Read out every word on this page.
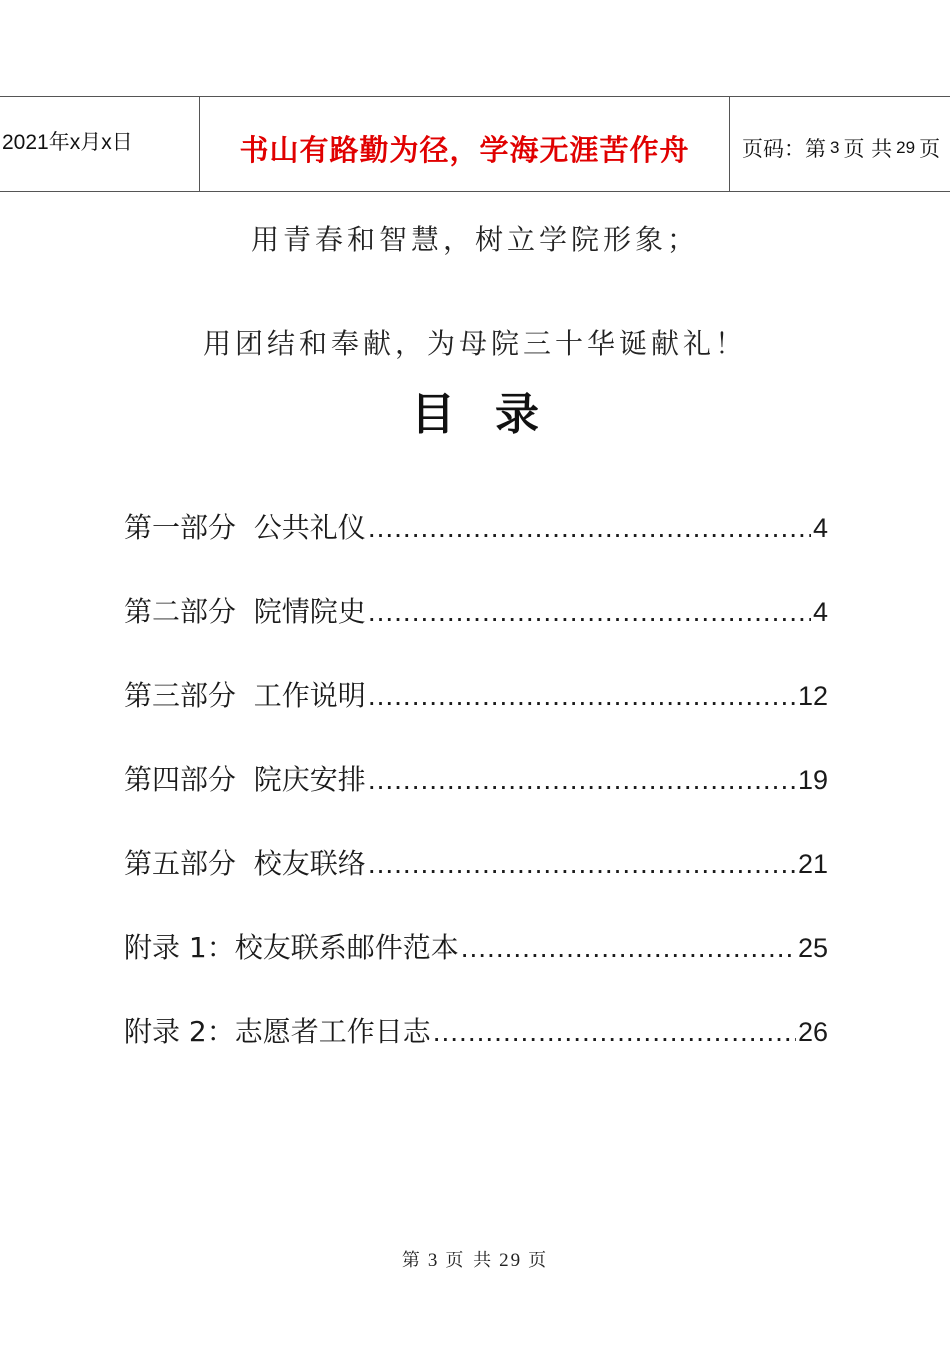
2021年x月x日	书山有路勤为径，学海无涯苦作舟	页码：第 3 页 共 29 页
用青春和智慧，树立学院形象；
用团结和奉献，为母院三十华诞献礼！
目录
第一部分  公共礼仪 .....	4
第二部分  院情院史 .....	4
第三部分  工作说明 .....	12
第四部分  院庆安排 .....	19
第五部分  校友联络 .....	21
附录 1：校友联系邮件范本 .....	25
附录 2：志愿者工作日志 .....	26
第 3 页 共 29 页
